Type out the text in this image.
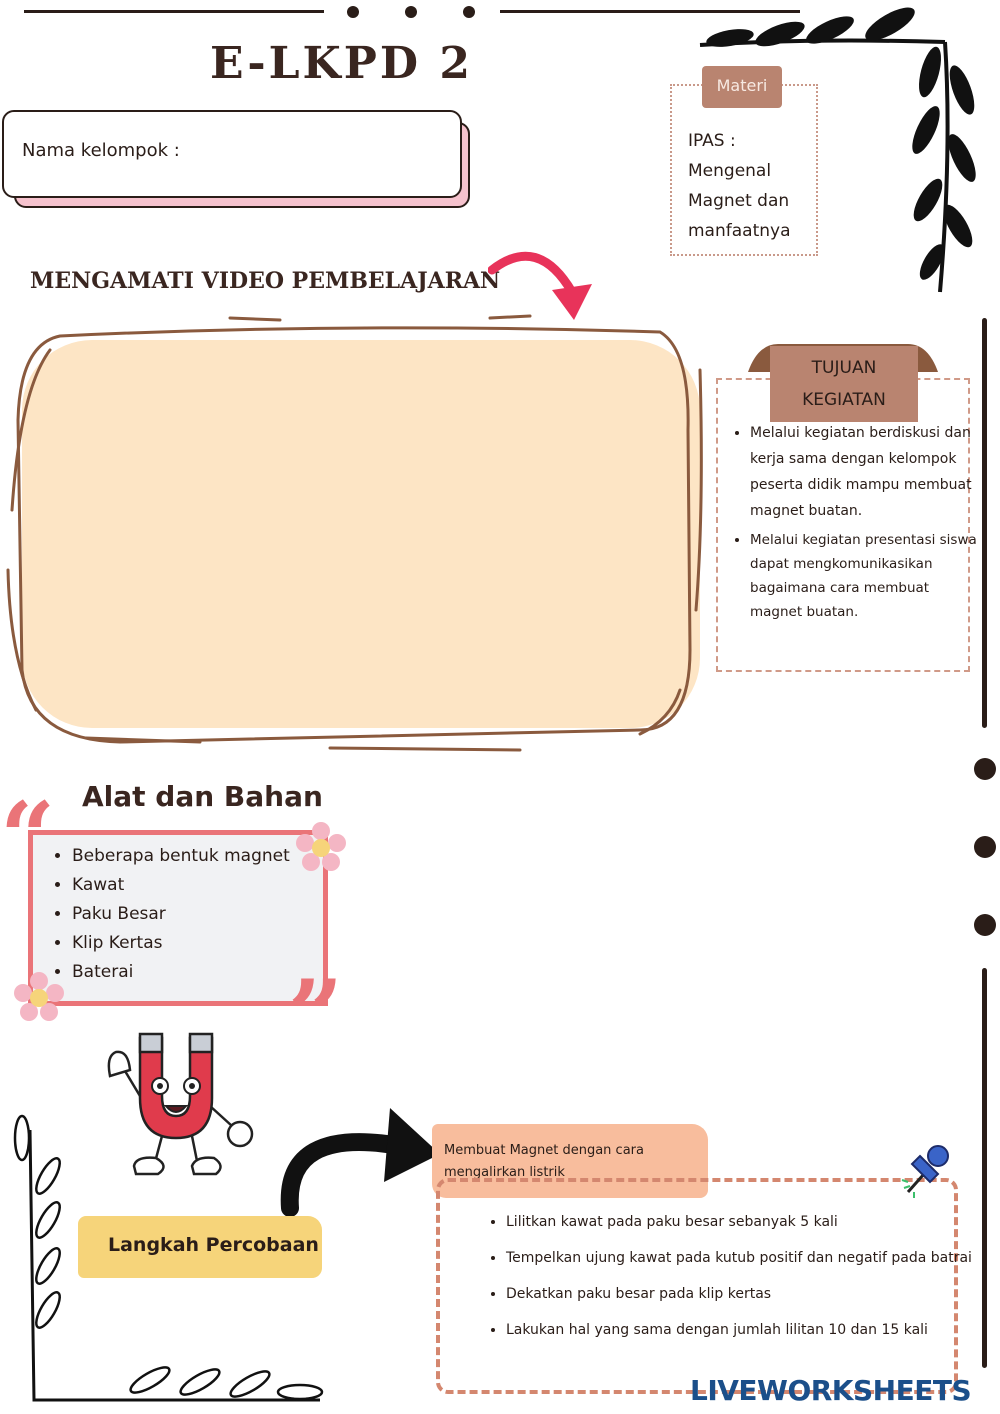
E-LKPD 2
Nama kelompok :
Materi
IPAS : Mengenal Magnet dan manfaatnya
MENGAMATI VIDEO PEMBELAJARAN
TUJUAN KEGIATAN
• Melalui kegiatan berdiskusi dan kerja sama dengan kelompok peserta didik mampu membuat magnet buatan.
• Melalui kegiatan presentasi siswa dapat mengkomunikasikan bagaimana cara membuat magnet buatan.
Alat dan Bahan
“
”
• Beberapa bentuk magnet
• Kawat
• Paku Besar
• Klip Kertas
• Baterai
Langkah Percobaan
Membuat Magnet dengan cara mengalirkan listrik
• Lilitkan kawat pada paku besar sebanyak 5 kali
• Tempelkan ujung kawat pada kutub positif dan negatif pada batrai
• Dekatkan paku besar pada klip kertas
• Lakukan hal yang sama dengan jumlah lilitan 10 dan 15 kali
LIVEWORKSHEETS
